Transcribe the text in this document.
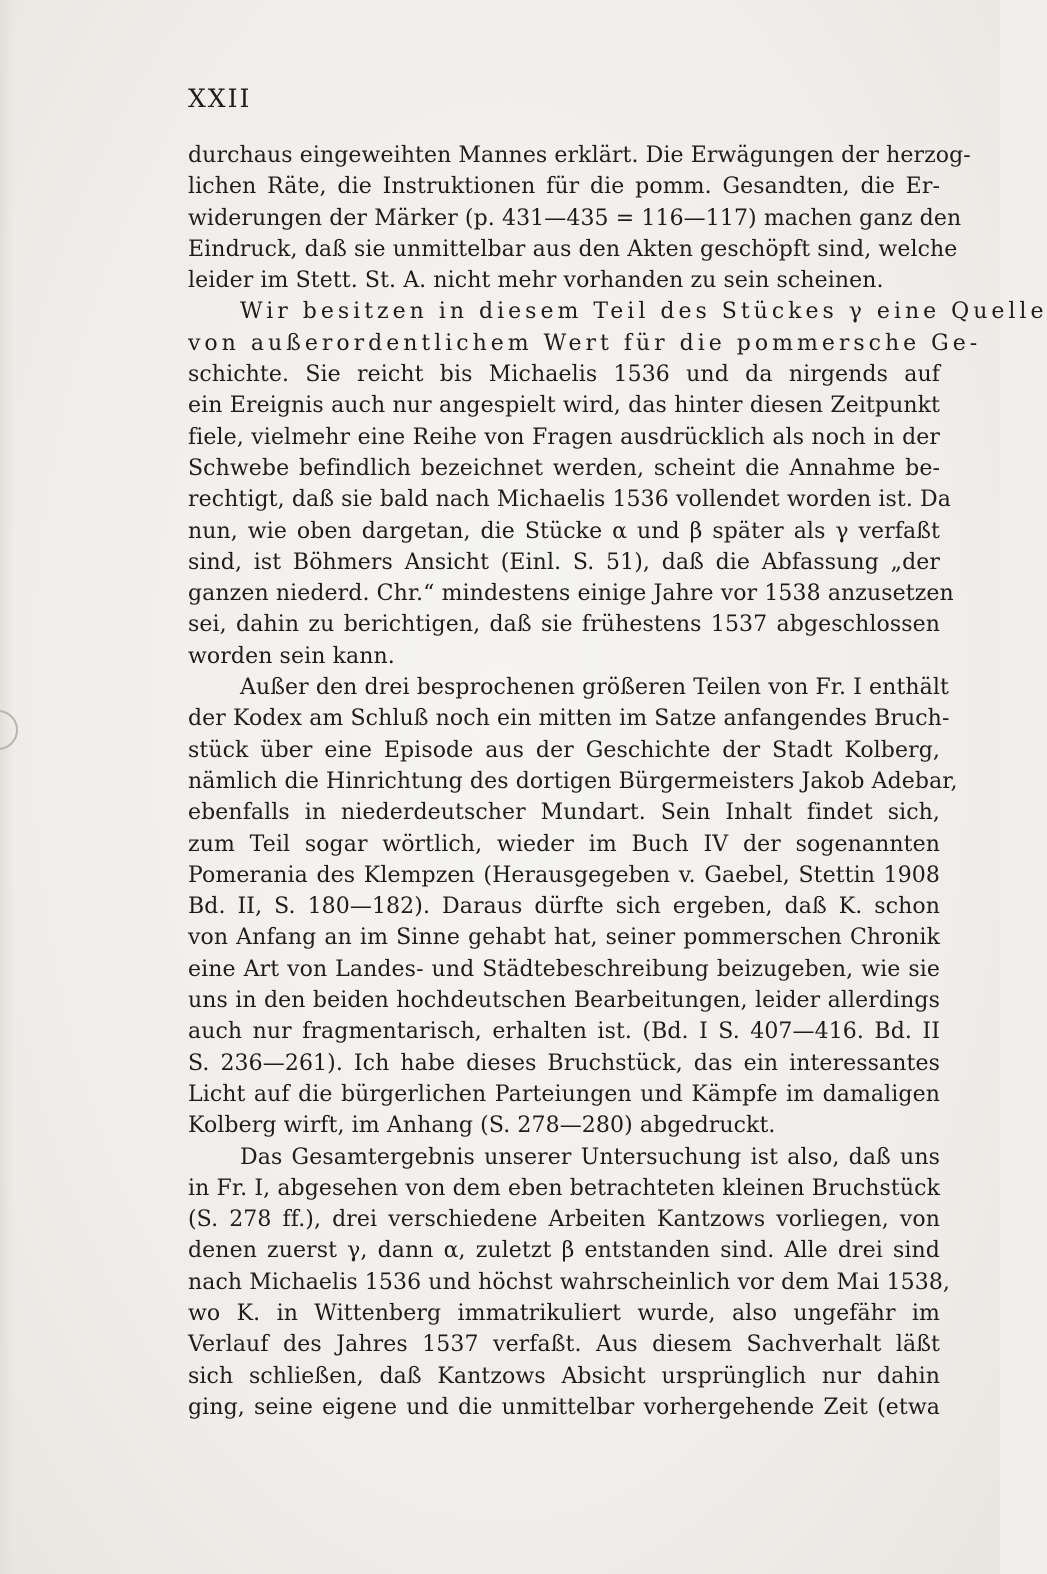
XXII
durchaus eingeweihten Mannes erklärt. Die Erwägungen der herzog-
lichen Räte, die Instruktionen für die pomm. Gesandten, die Er-
widerungen der Märker (p. 431—435 = 116—117) machen ganz den
Eindruck, daß sie unmittelbar aus den Akten geschöpft sind, welche
leider im Stett. St. A. nicht mehr vorhanden zu sein scheinen.
Wir besitzen in diesem Teil des Stückes γ eine Quelle
von außerordentlichem Wert für die pommersche Ge-
schichte. Sie reicht bis Michaelis 1536 und da nirgends auf
ein Ereignis auch nur angespielt wird, das hinter diesen Zeitpunkt
fiele, vielmehr eine Reihe von Fragen ausdrücklich als noch in der
Schwebe befindlich bezeichnet werden, scheint die Annahme be-
rechtigt, daß sie bald nach Michaelis 1536 vollendet worden ist. Da
nun, wie oben dargetan, die Stücke α und β später als γ verfaßt
sind, ist Böhmers Ansicht (Einl. S. 51), daß die Abfassung „der
ganzen niederd. Chr.“ mindestens einige Jahre vor 1538 anzusetzen
sei, dahin zu berichtigen, daß sie frühestens 1537 abgeschlossen
worden sein kann.
Außer den drei besprochenen größeren Teilen von Fr. I enthält
der Kodex am Schluß noch ein mitten im Satze anfangendes Bruch-
stück über eine Episode aus der Geschichte der Stadt Kolberg,
nämlich die Hinrichtung des dortigen Bürgermeisters Jakob Adebar,
ebenfalls in niederdeutscher Mundart. Sein Inhalt findet sich,
zum Teil sogar wörtlich, wieder im Buch IV der sogenannten
Pomerania des Klempzen (Herausgegeben v. Gaebel, Stettin 1908
Bd. II, S. 180—182). Daraus dürfte sich ergeben, daß K. schon
von Anfang an im Sinne gehabt hat, seiner pommerschen Chronik
eine Art von Landes- und Städtebeschreibung beizugeben, wie sie
uns in den beiden hochdeutschen Bearbeitungen, leider allerdings
auch nur fragmentarisch, erhalten ist. (Bd. I S. 407—416. Bd. II
S. 236—261). Ich habe dieses Bruchstück, das ein interessantes
Licht auf die bürgerlichen Parteiungen und Kämpfe im damaligen
Kolberg wirft, im Anhang (S. 278—280) abgedruckt.
Das Gesamtergebnis unserer Untersuchung ist also, daß uns
in Fr. I, abgesehen von dem eben betrachteten kleinen Bruchstück
(S. 278 ff.), drei verschiedene Arbeiten Kantzows vorliegen, von
denen zuerst γ, dann α, zuletzt β entstanden sind. Alle drei sind
nach Michaelis 1536 und höchst wahrscheinlich vor dem Mai 1538,
wo K. in Wittenberg immatrikuliert wurde, also ungefähr im
Verlauf des Jahres 1537 verfaßt. Aus diesem Sachverhalt läßt
sich schließen, daß Kantzows Absicht ursprünglich nur dahin
ging, seine eigene und die unmittelbar vorhergehende Zeit (etwa
